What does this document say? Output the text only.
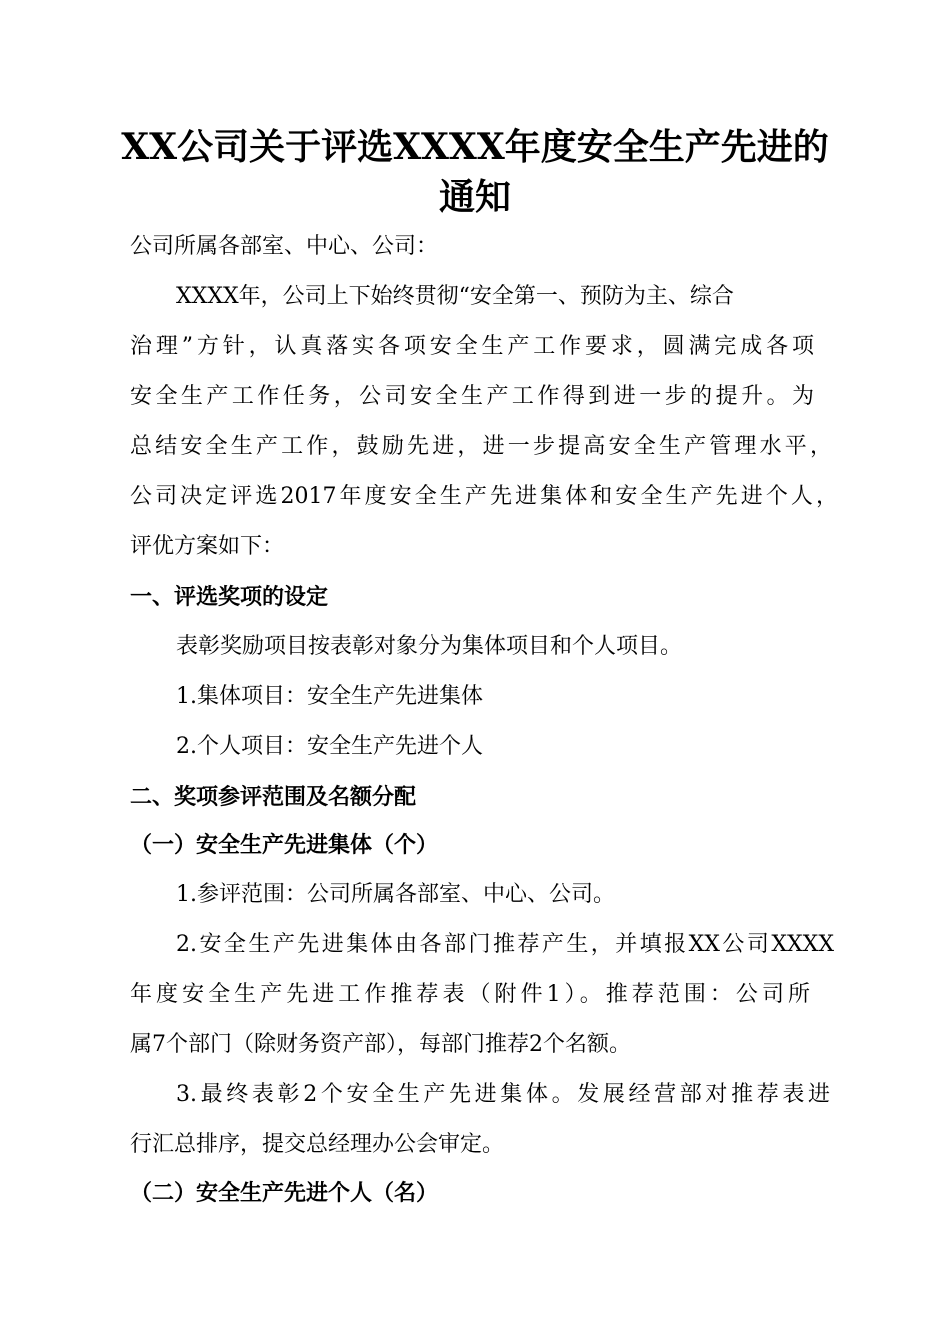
XX公司关于评选XXXX年度安全生产先进的
通知

公司所属各部室、中心、公司：

XXXX年，公司上下始终贯彻“安全第一、预防为主、综合

治理”方针，认真落实各项安全生产工作要求，圆满完成各项

安全生产工作任务，公司安全生产工作得到进一步的提升。为

总结安全生产工作，鼓励先进，进一步提高安全生产管理水平，

公司决定评选2017年度安全生产先进集体和安全生产先进个人，

评优方案如下：

一、评选奖项的设定

表彰奖励项目按表彰对象分为集体项目和个人项目。

1.集体项目：安全生产先进集体

2.个人项目：安全生产先进个人

二、奖项参评范围及名额分配

（一）安全生产先进集体（个）

1.参评范围：公司所属各部室、中心、公司。

2.安全生产先进集体由各部门推荐产生，并填报XX公司XXXX

年度安全生产先进工作推荐表（附件1）。推荐范围：公司所

属7个部门（除财务资产部），每部门推荐2个名额。

3.最终表彰2个安全生产先进集体。发展经营部对推荐表进

行汇总排序，提交总经理办公会审定。

（二）安全生产先进个人（名）
